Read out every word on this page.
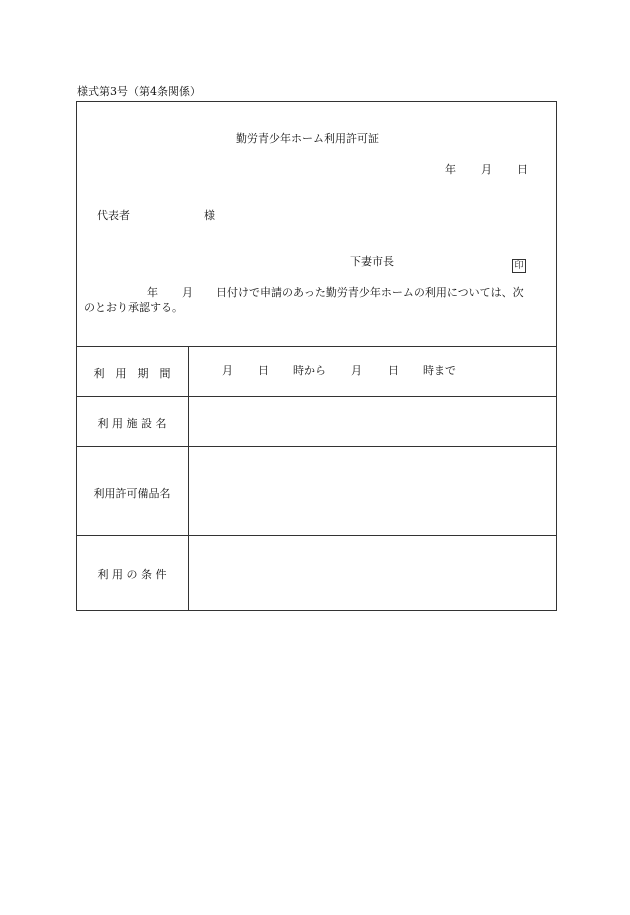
様式第3号（第4条関係）
勤労青少年ホーム利用許可証
年 月 日
代表者	様
下妻市長	印
年 月 日付けで申請のあった勤労青少年ホームの利用については、次
のとおり承認する。
利　用　期　間	月 日 時から 月 日 時まで
利 用 施 設 名
利用許可備品名
利 用 の 条 件
